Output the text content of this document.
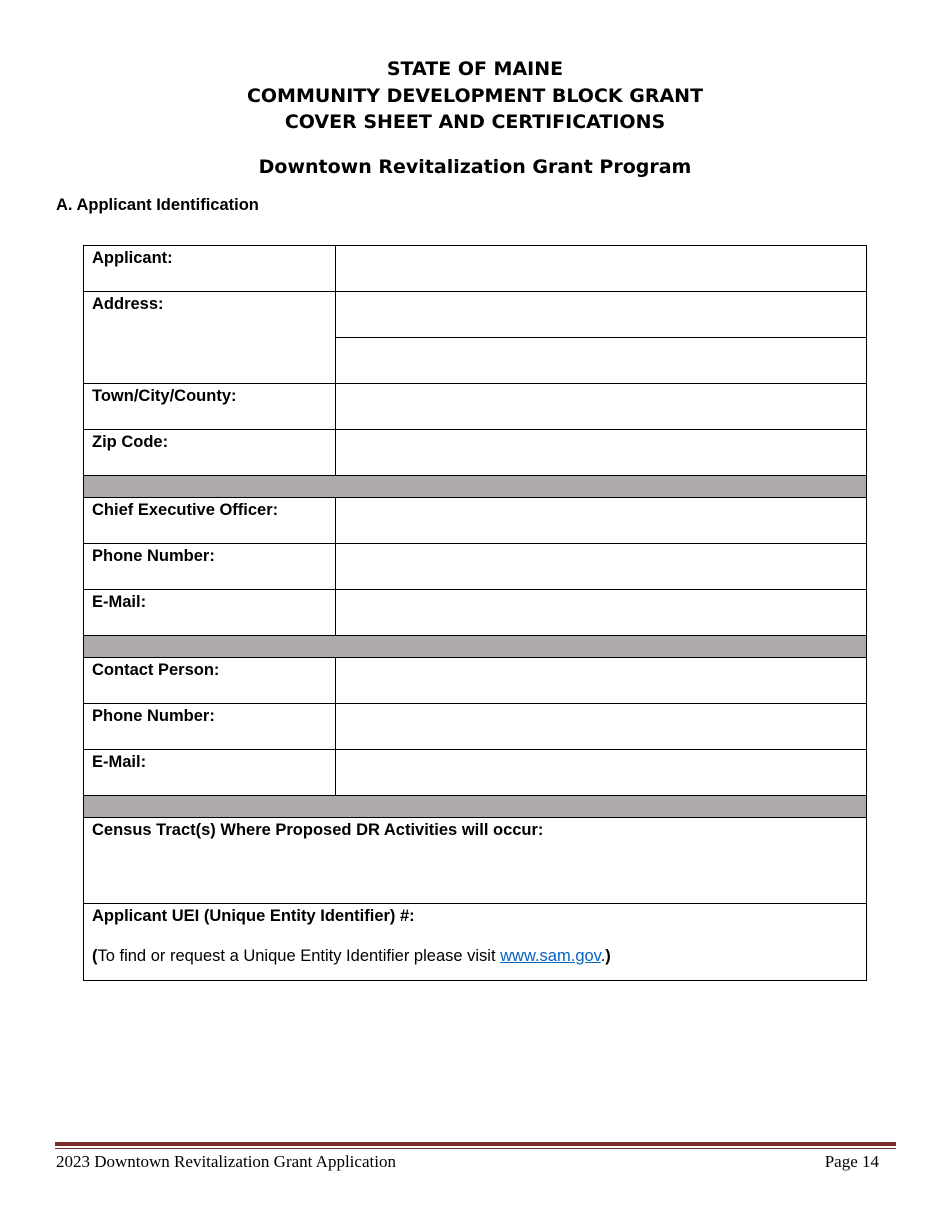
STATE OF MAINE
COMMUNITY DEVELOPMENT BLOCK GRANT
COVER SHEET AND CERTIFICATIONS
Downtown Revitalization Grant Program
A. Applicant Identification
Applicant:	

Address:	

Town/City/County:	

Zip Code:	

Chief Executive Officer:	

Phone Number:	

E-Mail:	

Contact Person:	

Phone Number:	

E-Mail:	

Census Tract(s) Where Proposed DR Activities will occur:	

Applicant UEI (Unique Entity Identifier) #:
(To find or request a Unique Entity Identifier please visit www.sam.gov.)	
2023 Downtown Revitalization Grant Application	Page 14
